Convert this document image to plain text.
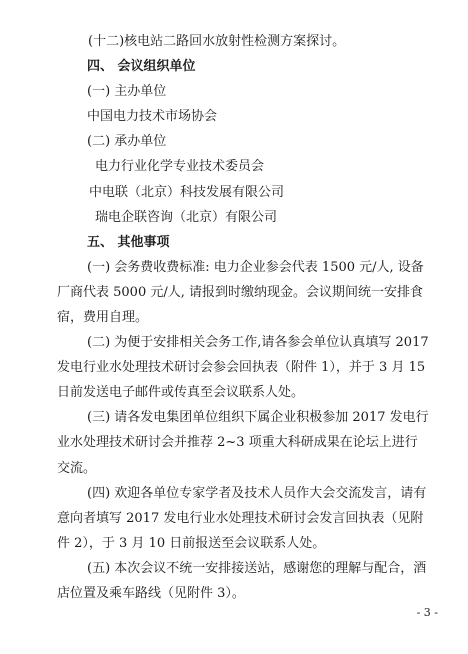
(十二)核电站二路回水放射性检测方案探讨。
四、 会议组织单位
(一) 主办单位
中国电力技术市场协会
(二) 承办单位
电力行业化学专业技术委员会
中电联（北京）科技发展有限公司
瑞电企联咨询（北京）有限公司
五、 其他事项
(一) 会务费收费标准: 电力企业参会代表 1500 元/人, 设备
厂商代表 5000 元/人, 请报到时缴纳现金。会议期间统一安排食
宿，费用自理。
(二) 为便于安排相关会务工作,请各参会单位认真填写 2017
发电行业水处理技术研讨会参会回执表（附件 1），并于 3 月 15
日前发送电子邮件或传真至会议联系人处。
(三) 请各发电集团单位组织下属企业积极参加 2017 发电行
业水处理技术研讨会并推荐 2~3 项重大科研成果在论坛上进行
交流。
(四) 欢迎各单位专家学者及技术人员作大会交流发言，请有
意向者填写 2017 发电行业水处理技术研讨会发言回执表（见附
件 2），于 3 月 10 日前报送至会议联系人处。
(五) 本次会议不统一安排接送站，感谢您的理解与配合，酒
店位置及乘车路线（见附件 3）。
- 3 -
